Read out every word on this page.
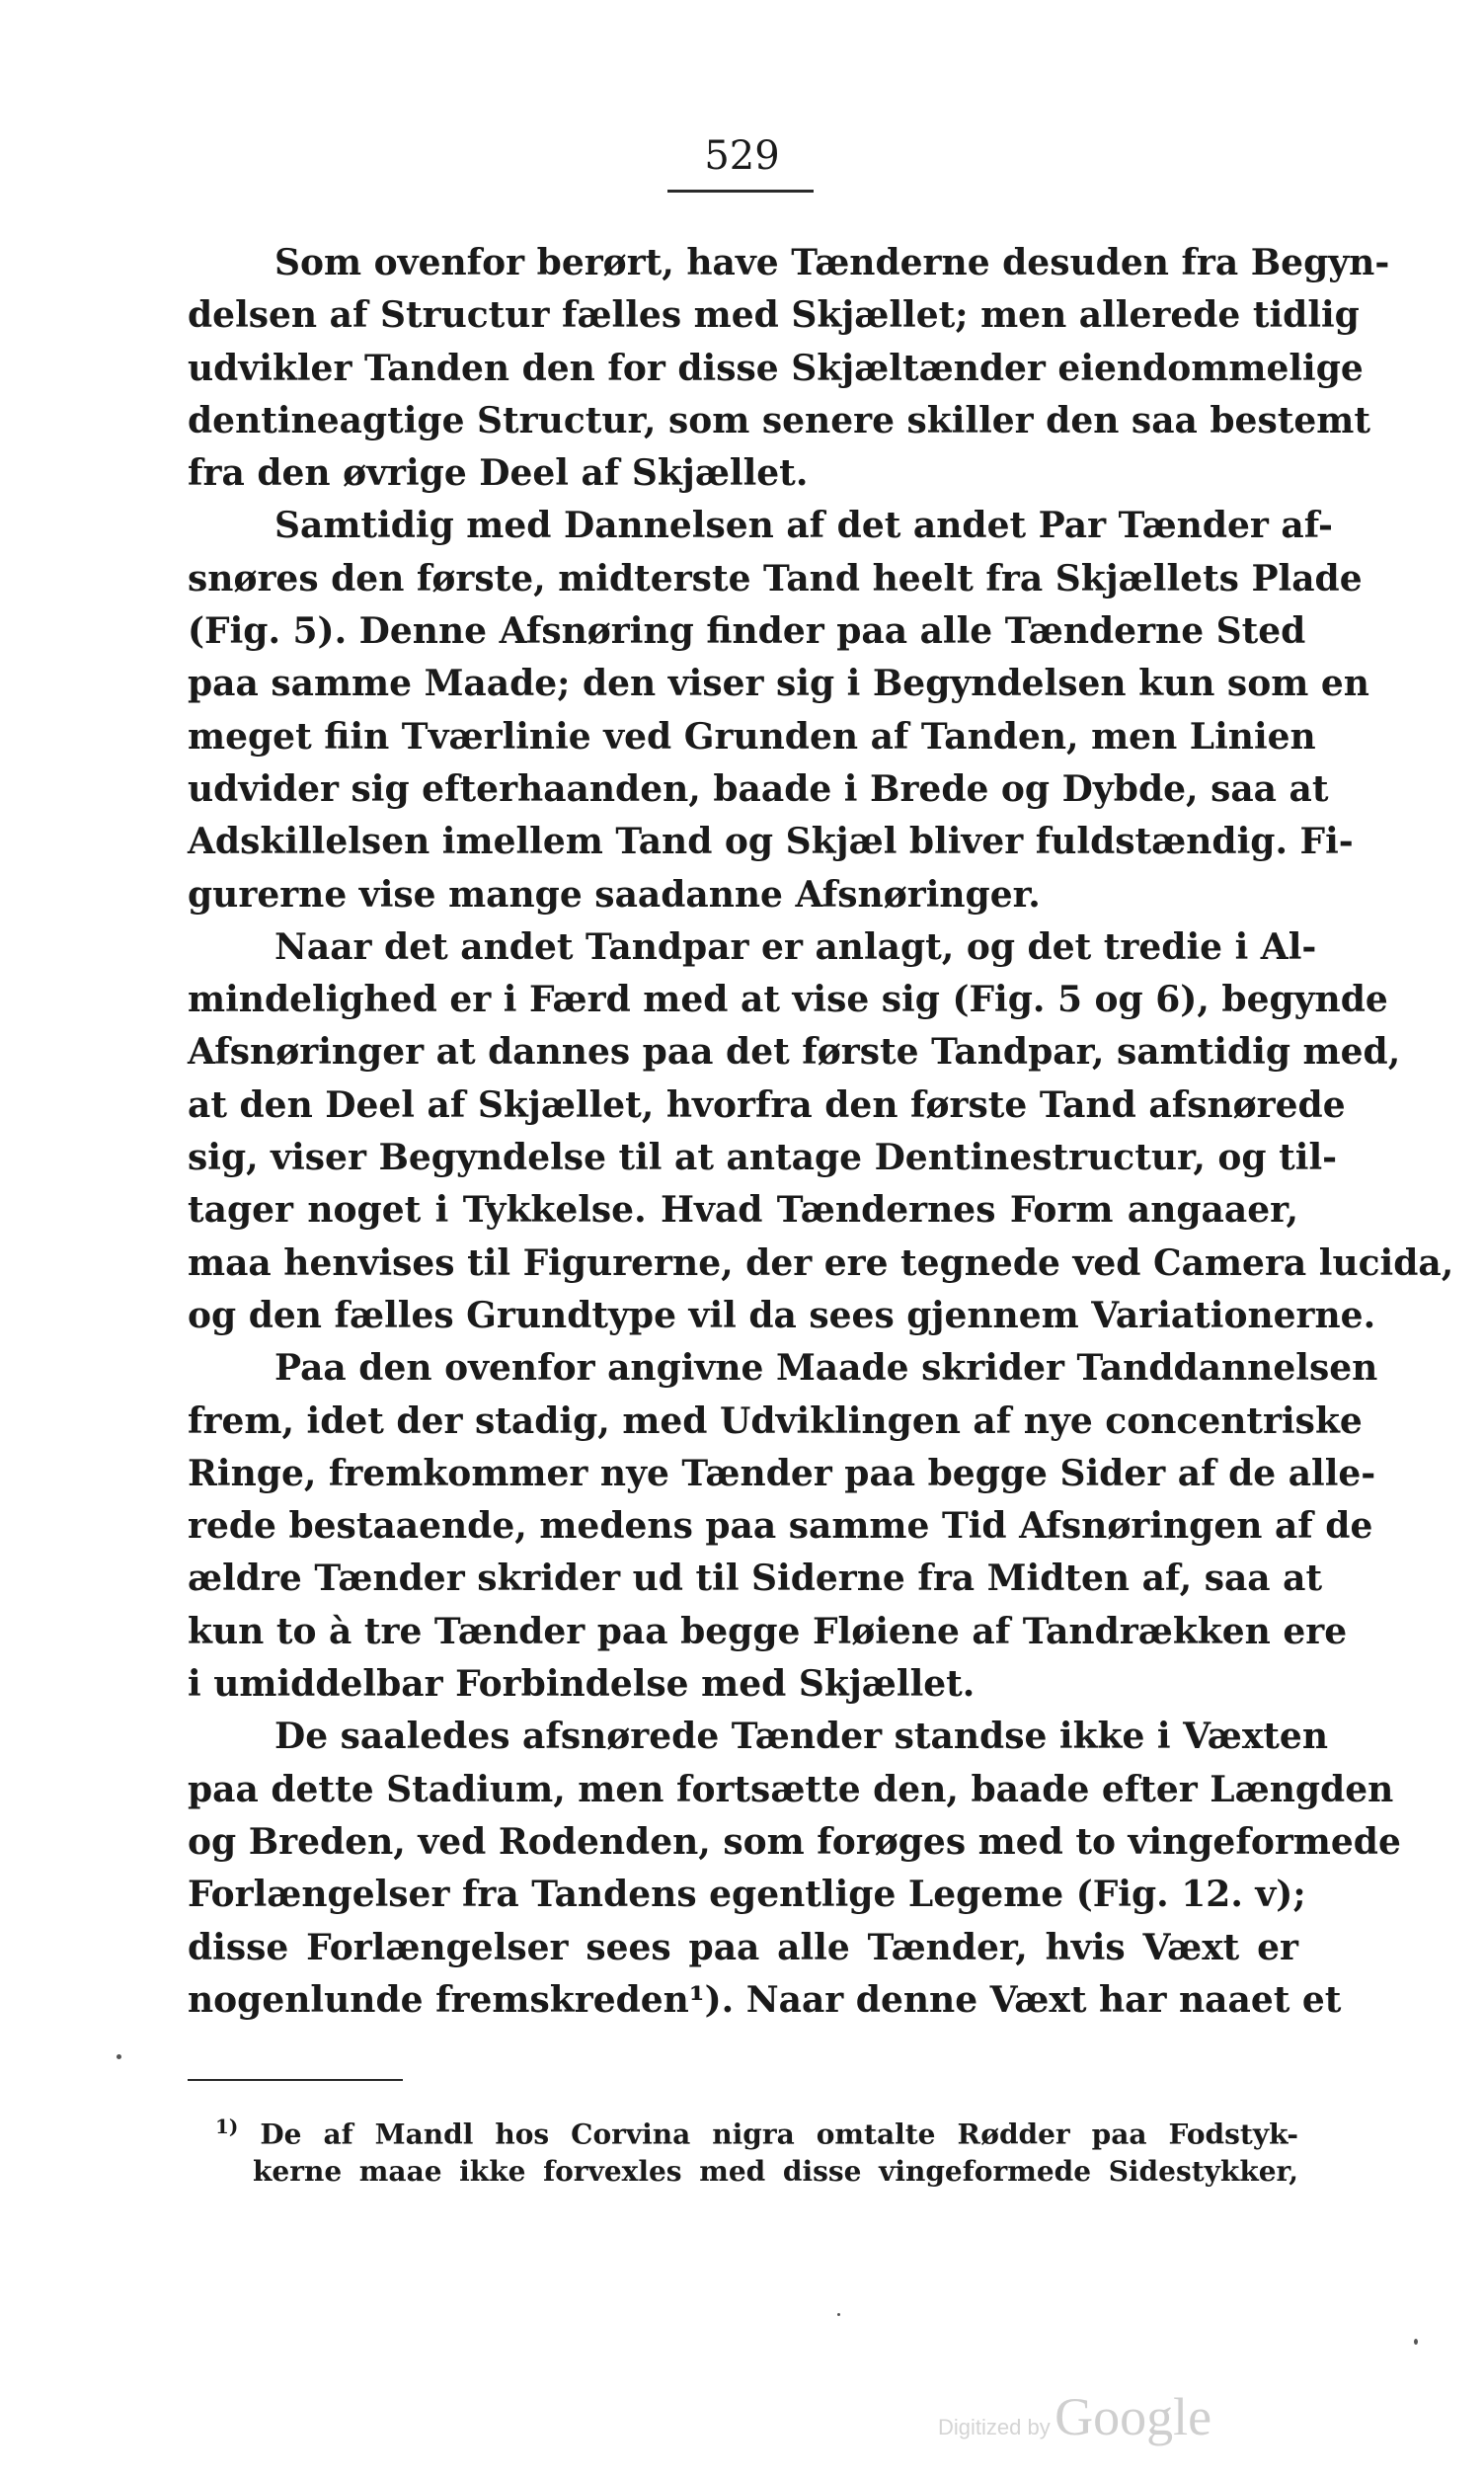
529
Som ovenfor berørt, have Tænderne desuden fra Begyn-
delsen af Structur fælles med Skjællet; men allerede tidlig
udvikler Tanden den for disse Skjæltænder eiendommelige
dentineagtige Structur, som senere skiller den saa bestemt
fra den øvrige Deel af Skjællet.
Samtidig med Dannelsen af det andet Par Tænder af-
snøres den første, midterste Tand heelt fra Skjællets Plade
(Fig. 5). Denne Afsnøring finder paa alle Tænderne Sted
paa samme Maade; den viser sig i Begyndelsen kun som en
meget fiin Tværlinie ved Grunden af Tanden, men Linien
udvider sig efterhaanden, baade i Brede og Dybde, saa at
Adskillelsen imellem Tand og Skjæl bliver fuldstændig. Fi-
gurerne vise mange saadanne Afsnøringer.
Naar det andet Tandpar er anlagt, og det tredie i Al-
mindelighed er i Færd med at vise sig (Fig. 5 og 6), begynde
Afsnøringer at dannes paa det første Tandpar, samtidig med,
at den Deel af Skjællet, hvorfra den første Tand afsnørede
sig, viser Begyndelse til at antage Dentinestructur, og til-
tager noget i Tykkelse. Hvad Tændernes Form angaaer,
maa henvises til Figurerne, der ere tegnede ved Camera lucida,
og den fælles Grundtype vil da sees gjennem Variationerne.
Paa den ovenfor angivne Maade skrider Tanddannelsen
frem, idet der stadig, med Udviklingen af nye concentriske
Ringe, fremkommer nye Tænder paa begge Sider af de alle-
rede bestaaende, medens paa samme Tid Afsnøringen af de
ældre Tænder skrider ud til Siderne fra Midten af, saa at
kun to à tre Tænder paa begge Fløiene af Tandrækken ere
i umiddelbar Forbindelse med Skjællet.
De saaledes afsnørede Tænder standse ikke i Væxten
paa dette Stadium, men fortsætte den, baade efter Længden
og Breden, ved Rodenden, som forøges med to vingeformede
Forlængelser fra Tandens egentlige Legeme (Fig. 12. v);
disse Forlængelser sees paa alle Tænder, hvis Væxt er
nogenlunde fremskreden¹). Naar denne Væxt har naaet et
$^{1)}$ De af Mandl hos Corvina nigra omtalte Rødder paa Fodstyk-
kerne maae ikke forvexles med disse vingeformede Sidestykker,
Digitized by Google
